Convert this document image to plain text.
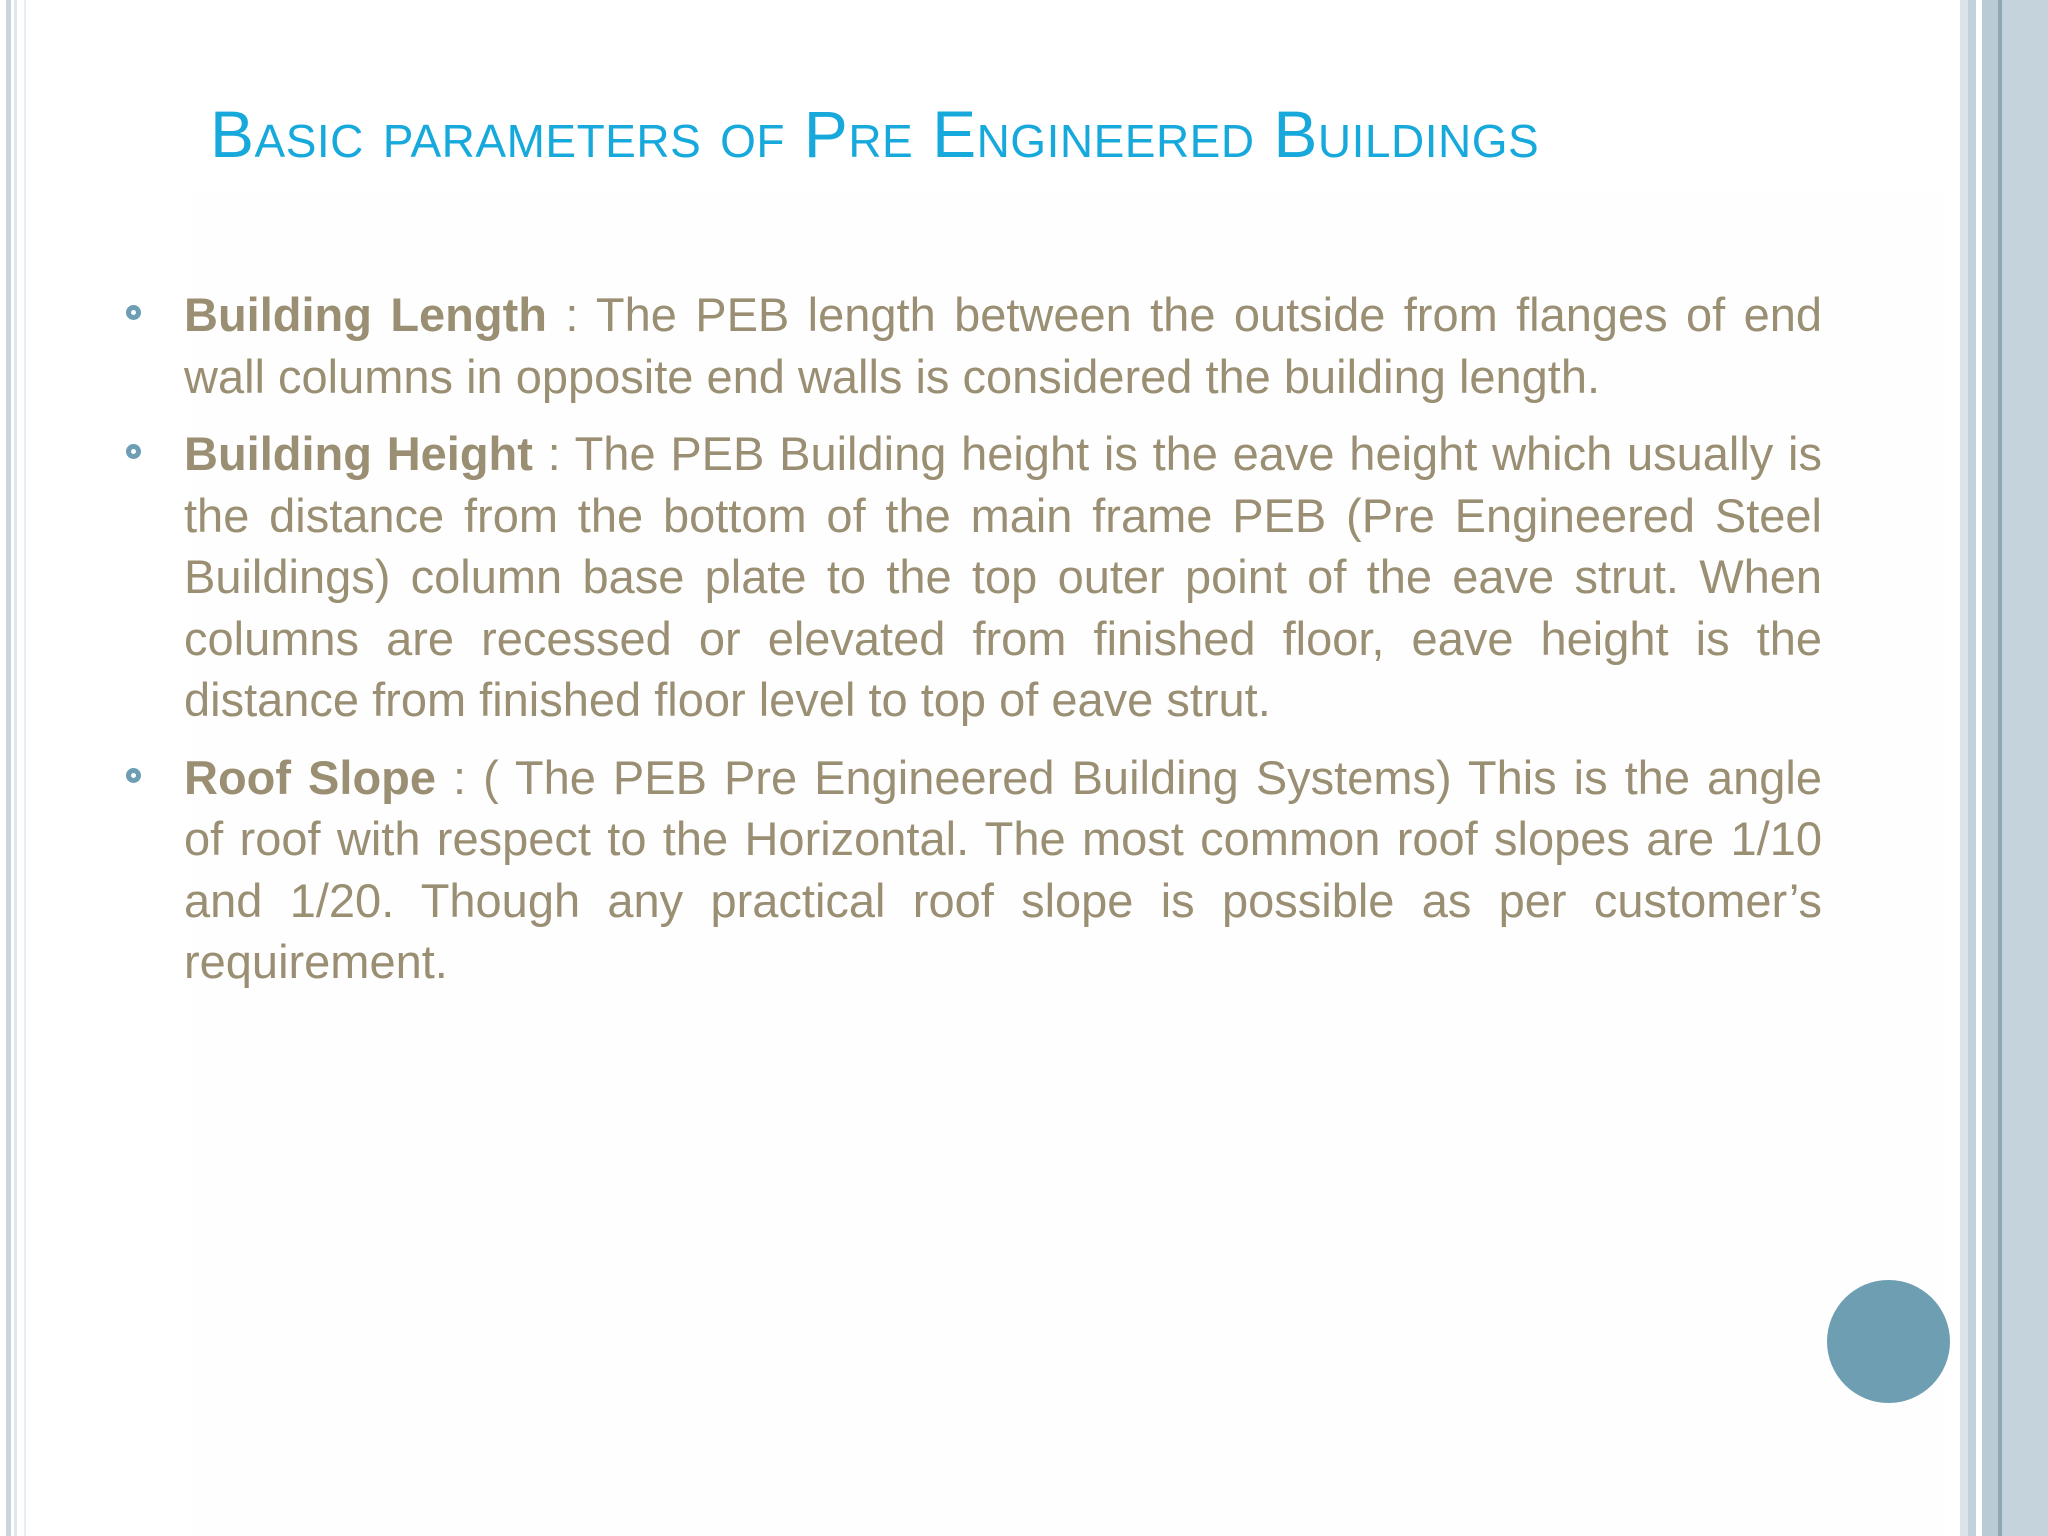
Basic parameters of Pre Engineered Buildings
Building Length : The PEB length between the outside from flanges of end wall columns in opposite end walls is considered the building length.
Building Height : The PEB Building height is the eave height which usually is the distance from the bottom of the main frame PEB (Pre Engineered Steel Buildings) column base plate to the top outer point of the eave strut. When columns are recessed or elevated from finished floor, eave height is the distance from finished floor level to top of eave strut.
Roof Slope : ( The PEB Pre Engineered Building Systems) This is the angle of roof with respect to the Horizontal. The most common roof slopes are 1/10 and 1/20. Though any practical roof slope is possible as per customer’s requirement.
